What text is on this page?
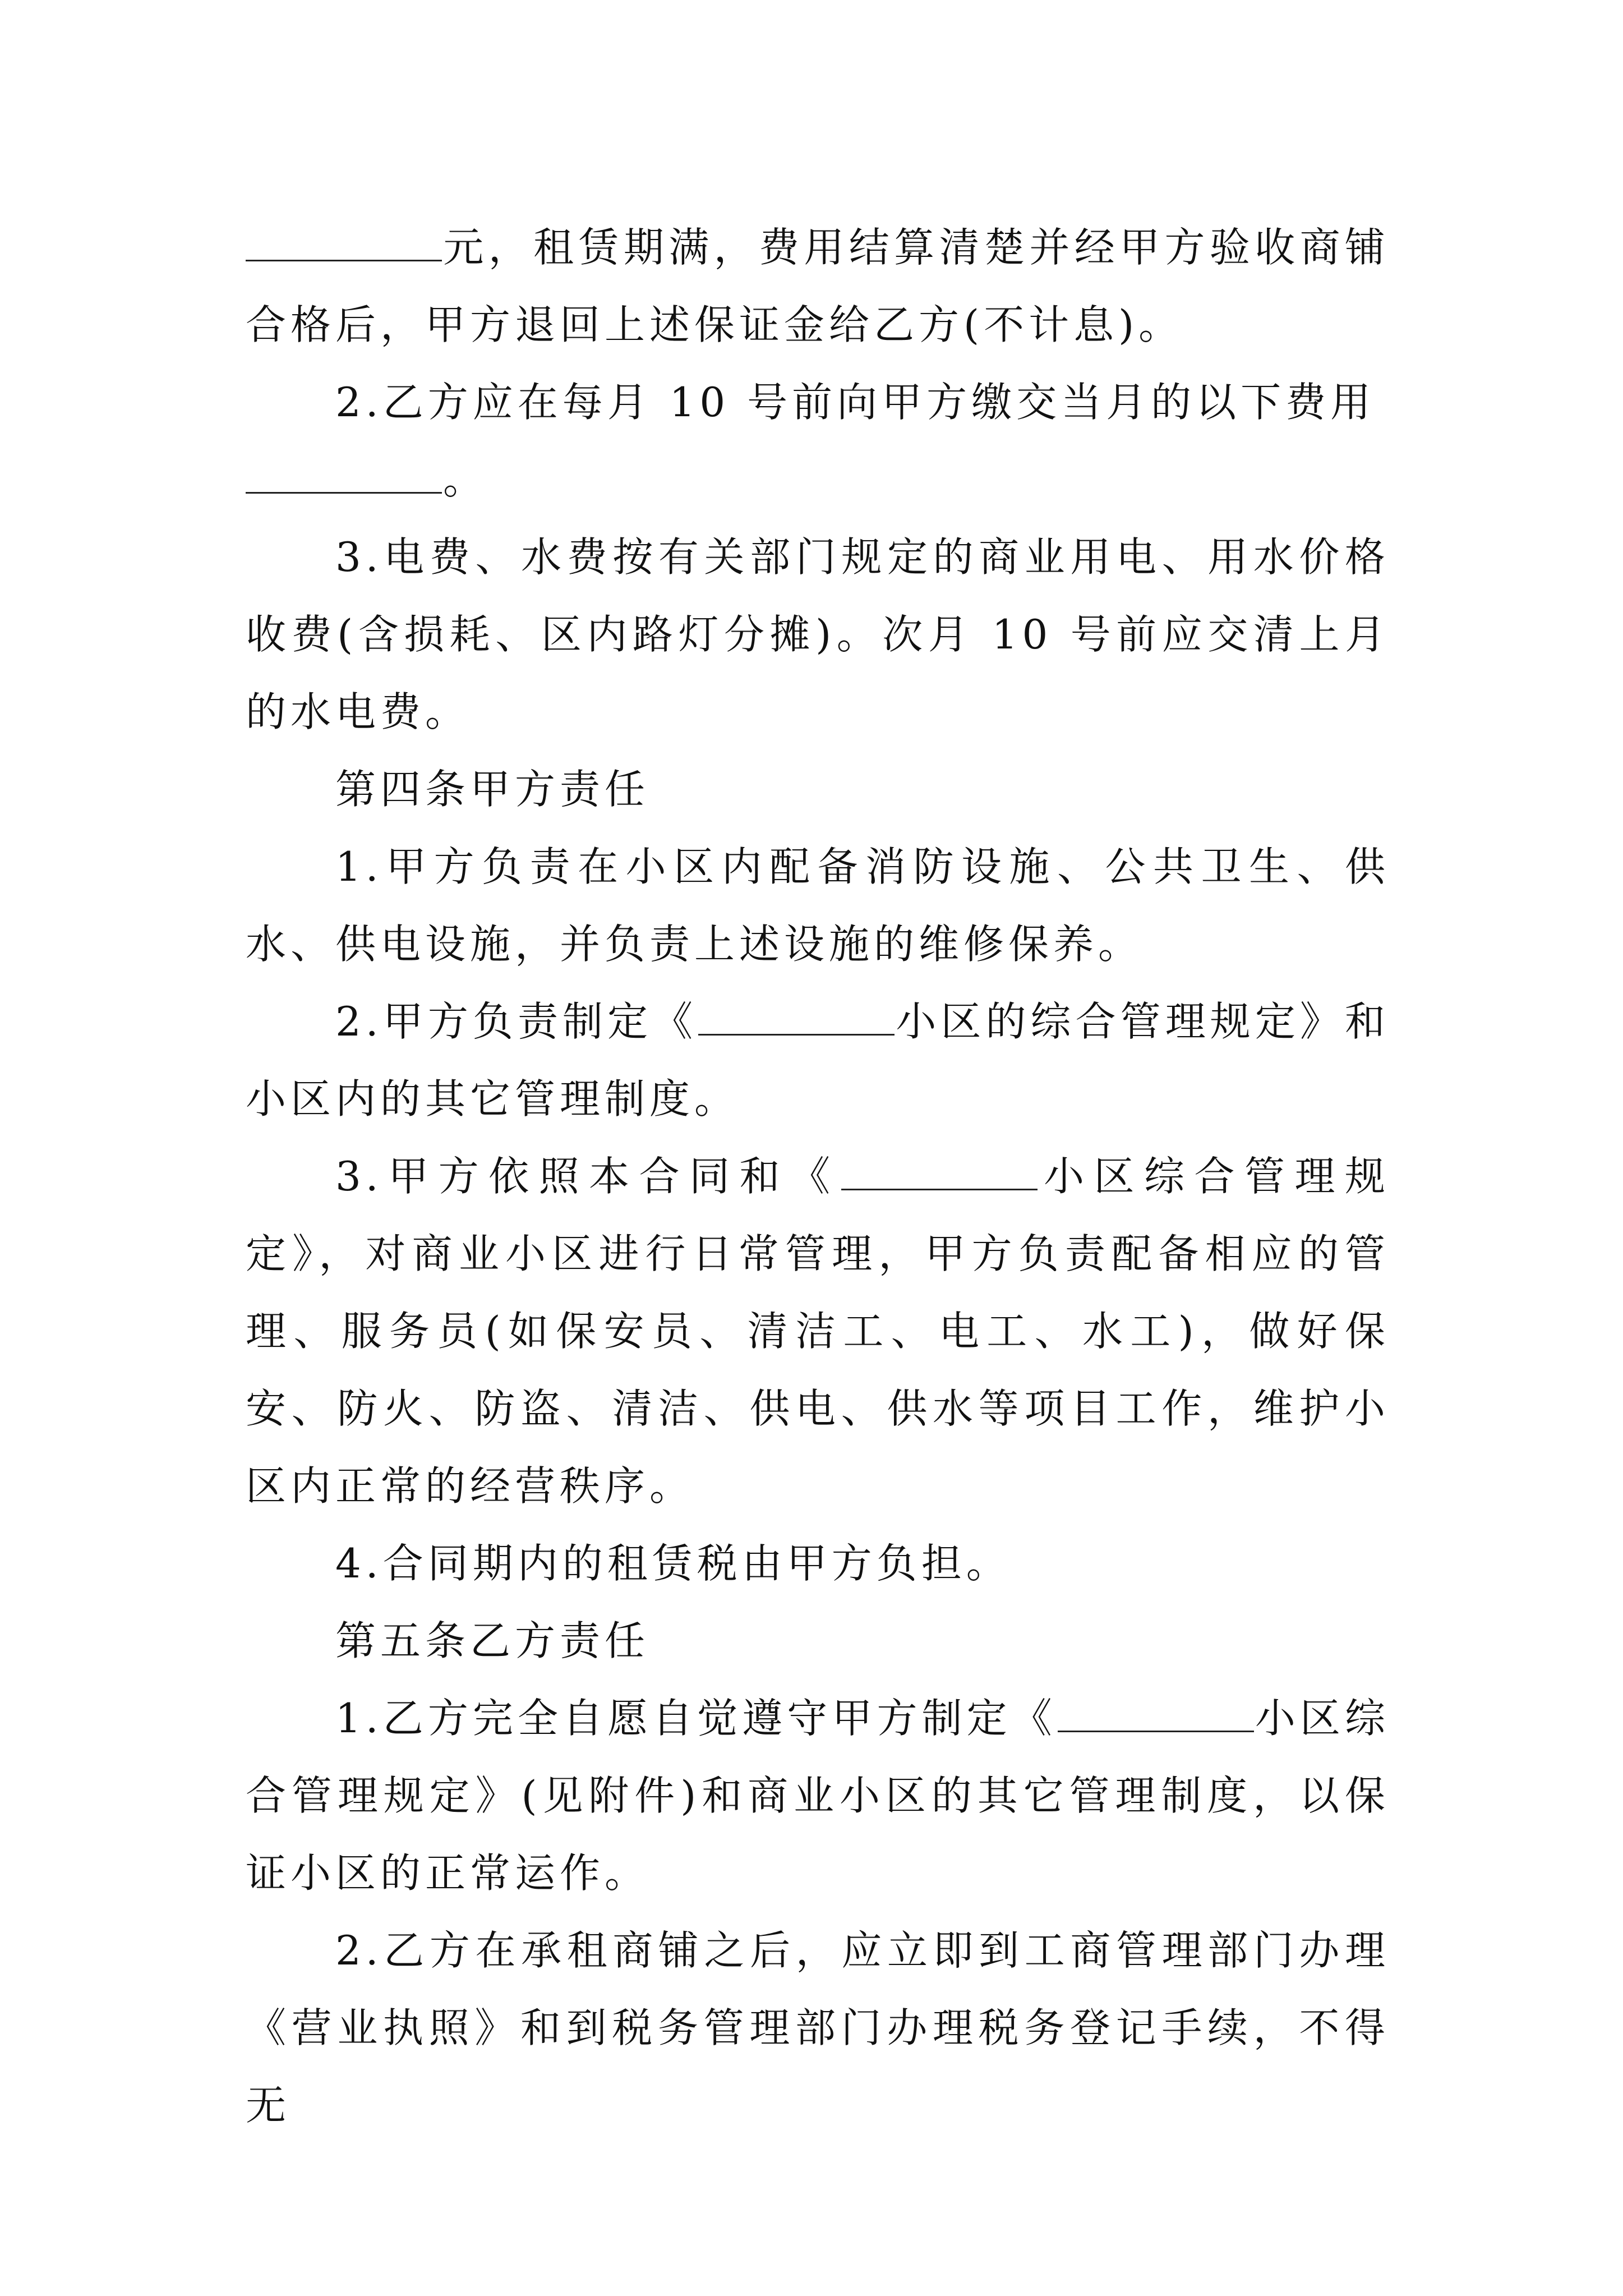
元，租赁期满，费用结算清楚并经甲方验收商铺合格后，甲方退回上述保证金给乙方(不计息)。

2.乙方应在每月 10 号前向甲方缴交当月的以下费用
。

3.电费、水费按有关部门规定的商业用电、用水价格收费(含损耗、区内路灯分摊)。次月 10 号前应交清上月的水电费。

第四条甲方责任

1.甲方负责在小区内配备消防设施、公共卫生、供水、供电设施，并负责上述设施的维修保养。

2.甲方负责制定《	小区的综合管理规定》和小区内的其它管理制度。

3.甲方依照本合同和《	小区综合管理规定》，对商业小区进行日常管理，甲方负责配备相应的管理、服务员(如保安员、清洁工、电工、水工)，做好保安、防火、防盗、清洁、供电、供水等项目工作，维护小区内正常的经营秩序。

4.合同期内的租赁税由甲方负担。

第五条乙方责任

1.乙方完全自愿自觉遵守甲方制定《	小区综合管理规定》(见附件)和商业小区的其它管理制度，以保证小区的正常运作。

2.乙方在承租商铺之后，应立即到工商管理部门办理《营业执照》和到税务管理部门办理税务登记手续，不得无
